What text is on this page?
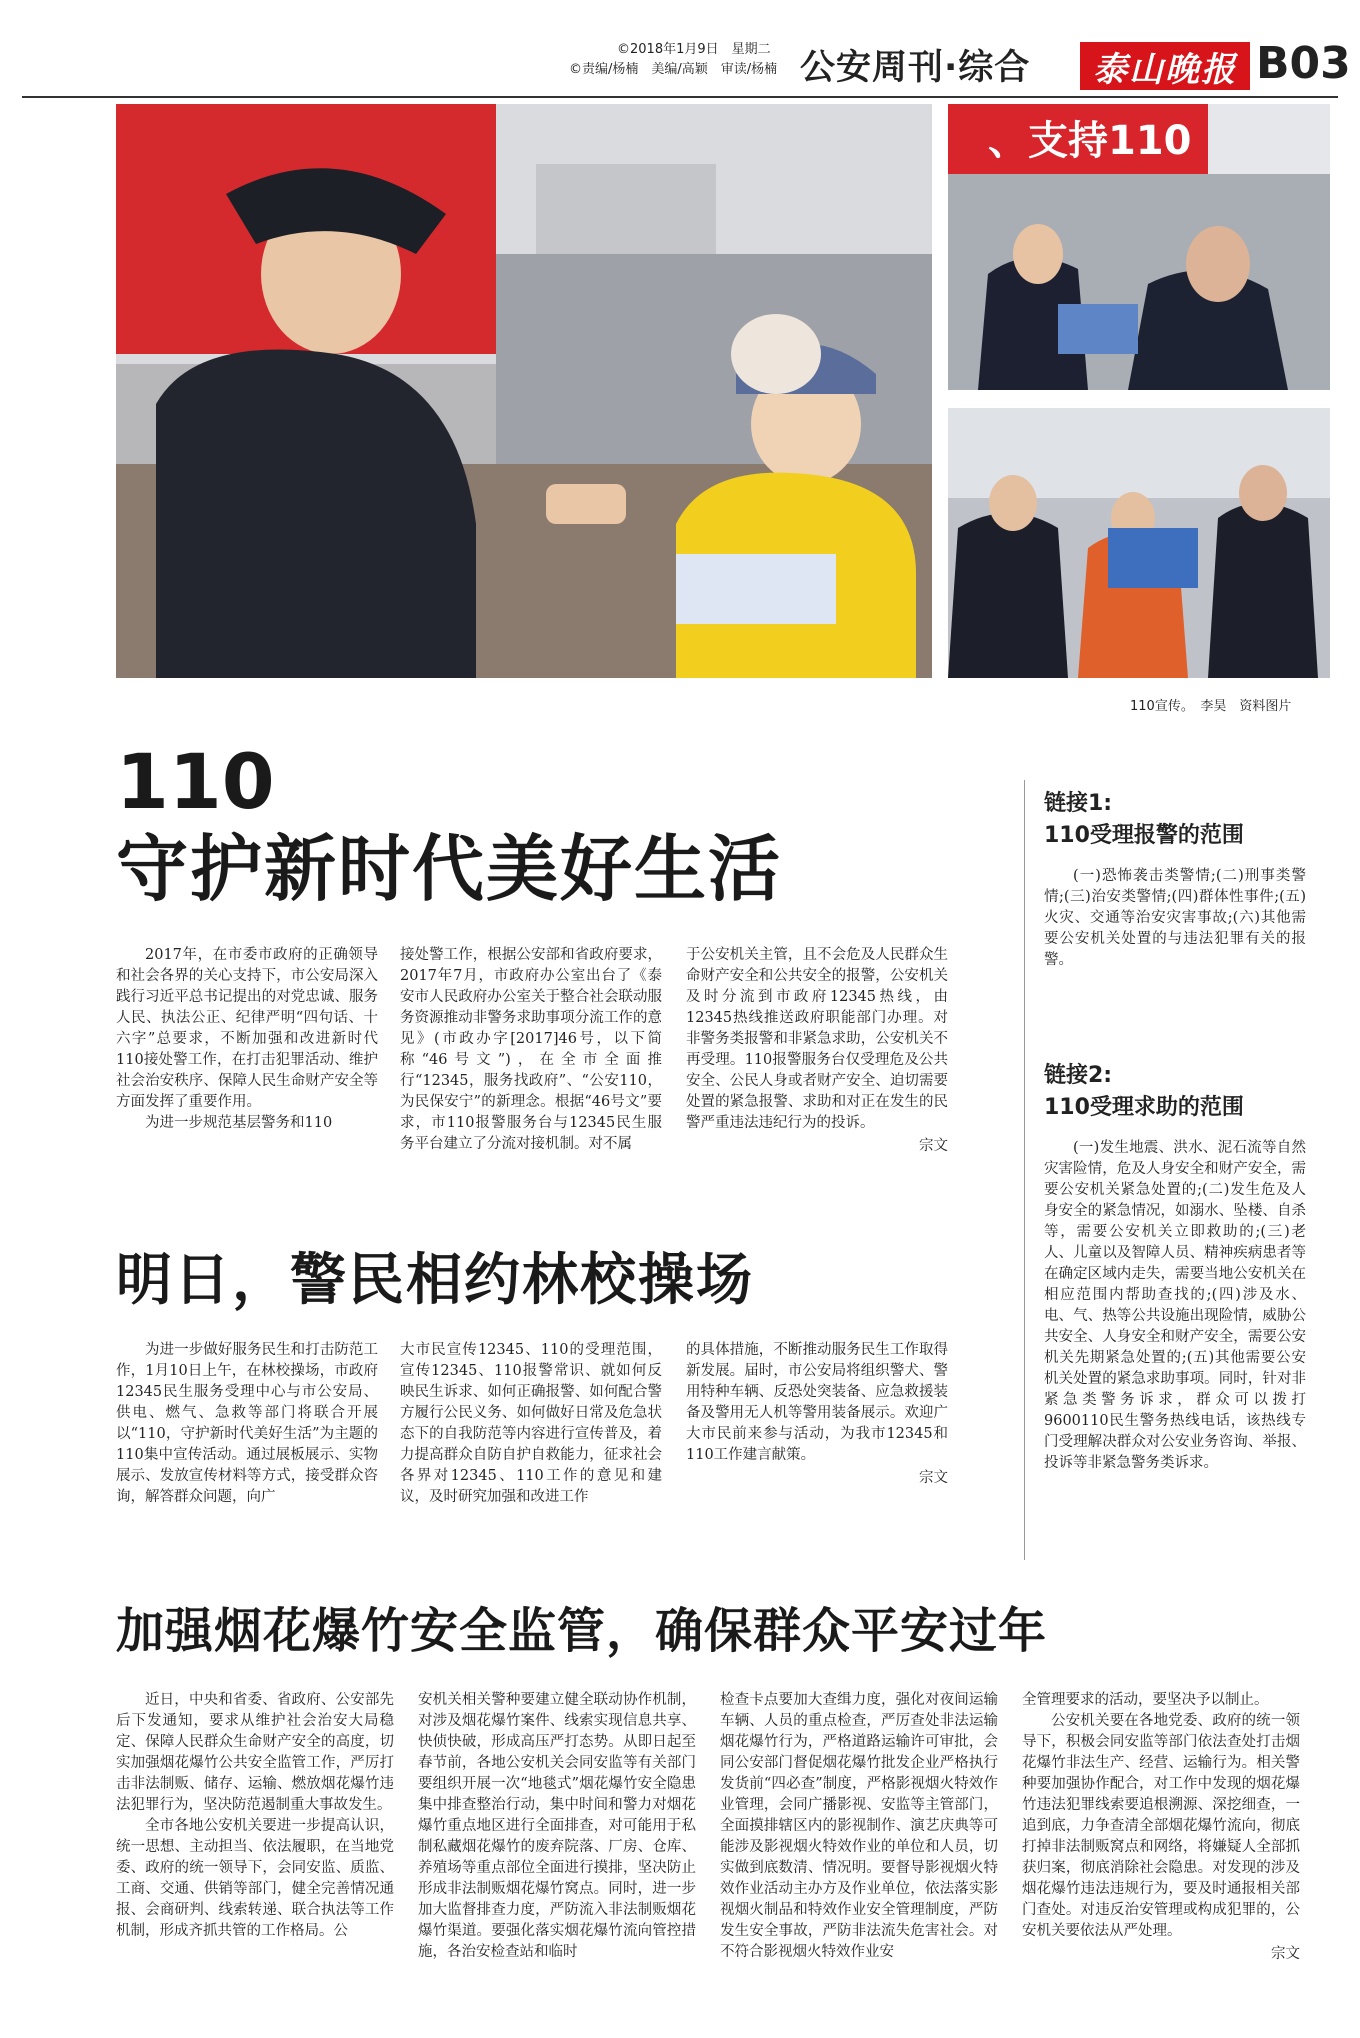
©2018年1月9日　星期二
©责编/杨楠　美编/高颖　审读/杨楠 公安周刊·综合	泰山晚报 B03
、支持110
110宣传。　李昊　资料图片
110
守护新时代美好生活

2017年，在市委市政府的正确领导和社会各界的关心支持下，市公安局深入践行习近平总书记提出的对党忠诚、服务人民、执法公正、纪律严明“四句话、十六字”总要求，不断加强和改进新时代110接处警工作，在打击犯罪活动、维护社会治安秩序、保障人民生命财产安全等方面发挥了重要作用。

为进一步规范基层警务和110

接处警工作，根据公安部和省政府要求，2017年7月，市政府办公室出台了《泰安市人民政府办公室关于整合社会联动服务资源推动非警务求助事项分流工作的意见》(市政办字[2017]46号，以下简称“46号文”)，在全市全面推行“12345，服务找政府”、“公安110，为民保安宁”的新理念。根据“46号文”要求，市110报警服务台与12345民生服务平台建立了分流对接机制。对不属

于公安机关主管，且不会危及人民群众生命财产安全和公共安全的报警，公安机关及时分流到市政府12345热线，由12345热线推送政府职能部门办理。对非警务类报警和非紧急求助，公安机关不再受理。110报警服务台仅受理危及公共安全、公民人身或者财产安全、迫切需要处置的紧急报警、求助和对正在发生的民警严重违法违纪行为的投诉。

宗文

链接1:
110受理报警的范围

(一)恐怖袭击类警情;(二)刑事类警情;(三)治安类警情;(四)群体性事件;(五)火灾、交通等治安灾害事故;(六)其他需要公安机关处置的与违法犯罪有关的报警。

链接2:
110受理求助的范围

(一)发生地震、洪水、泥石流等自然灾害险情，危及人身安全和财产安全，需要公安机关紧急处置的;(二)发生危及人身安全的紧急情况，如溺水、坠楼、自杀等，需要公安机关立即救助的;(三)老人、儿童以及智障人员、精神疾病患者等在确定区域内走失，需要当地公安机关在相应范围内帮助查找的;(四)涉及水、电、气、热等公共设施出现险情，威胁公共安全、人身安全和财产安全，需要公安机关先期紧急处置的;(五)其他需要公安机关处置的紧急求助事项。同时，针对非紧急类警务诉求，群众可以拨打9600110民生警务热线电话，该热线专门受理解决群众对公安业务咨询、举报、投诉等非紧急警务类诉求。

明日，警民相约林校操场

为进一步做好服务民生和打击防范工作，1月10日上午，在林校操场，市政府12345民生服务受理中心与市公安局、供电、燃气、急救等部门将联合开展以“110，守护新时代美好生活”为主题的110集中宣传活动。通过展板展示、实物展示、发放宣传材料等方式，接受群众咨询，解答群众问题，向广

大市民宣传12345、110的受理范围，宣传12345、110报警常识、就如何反映民生诉求、如何正确报警、如何配合警方履行公民义务、如何做好日常及危急状态下的自我防范等内容进行宣传普及，着力提高群众自防自护自救能力，征求社会各界对12345、110工作的意见和建议，及时研究加强和改进工作

的具体措施，不断推动服务民生工作取得新发展。届时，市公安局将组织警犬、警用特种车辆、反恐处突装备、应急救援装备及警用无人机等警用装备展示。欢迎广大市民前来参与活动，为我市12345和110工作建言献策。

宗文

加强烟花爆竹安全监管，确保群众平安过年

近日，中央和省委、省政府、公安部先后下发通知，要求从维护社会治安大局稳定、保障人民群众生命财产安全的高度，切实加强烟花爆竹公共安全监管工作，严厉打击非法制贩、储存、运输、燃放烟花爆竹违法犯罪行为，坚决防范遏制重大事故发生。

全市各地公安机关要进一步提高认识，统一思想、主动担当、依法履职，在当地党委、政府的统一领导下，会同安监、质监、工商、交通、供销等部门，健全完善情况通报、会商研判、线索转递、联合执法等工作机制，形成齐抓共管的工作格局。公

安机关相关警种要建立健全联动协作机制，对涉及烟花爆竹案件、线索实现信息共享、快侦快破，形成高压严打态势。从即日起至春节前，各地公安机关会同安监等有关部门要组织开展一次“地毯式”烟花爆竹安全隐患集中排查整治行动，集中时间和警力对烟花爆竹重点地区进行全面排查，对可能用于私制私藏烟花爆竹的废弃院落、厂房、仓库、养殖场等重点部位全面进行摸排，坚决防止形成非法制贩烟花爆竹窝点。同时，进一步加大监督排查力度，严防流入非法制贩烟花爆竹渠道。要强化落实烟花爆竹流向管控措施，各治安检查站和临时

检查卡点要加大查缉力度，强化对夜间运输车辆、人员的重点检查，严厉查处非法运输烟花爆竹行为，严格道路运输许可审批，会同公安部门督促烟花爆竹批发企业严格执行发货前“四必查”制度，严格影视烟火特效作业管理，会同广播影视、安监等主管部门，全面摸排辖区内的影视制作、演艺庆典等可能涉及影视烟火特效作业的单位和人员，切实做到底数清、情况明。要督导影视烟火特效作业活动主办方及作业单位，依法落实影视烟火制品和特效作业安全管理制度，严防发生安全事故，严防非法流失危害社会。对不符合影视烟火特效作业安

全管理要求的活动，要坚决予以制止。

公安机关要在各地党委、政府的统一领导下，积极会同安监等部门依法查处打击烟花爆竹非法生产、经营、运输行为。相关警种要加强协作配合，对工作中发现的烟花爆竹违法犯罪线索要追根溯源、深挖细查，一追到底，力争查清全部烟花爆竹流向，彻底打掉非法制贩窝点和网络，将嫌疑人全部抓获归案，彻底消除社会隐患。对发现的涉及烟花爆竹违法违规行为，要及时通报相关部门查处。对违反治安管理或构成犯罪的，公安机关要依法从严处理。

宗文
